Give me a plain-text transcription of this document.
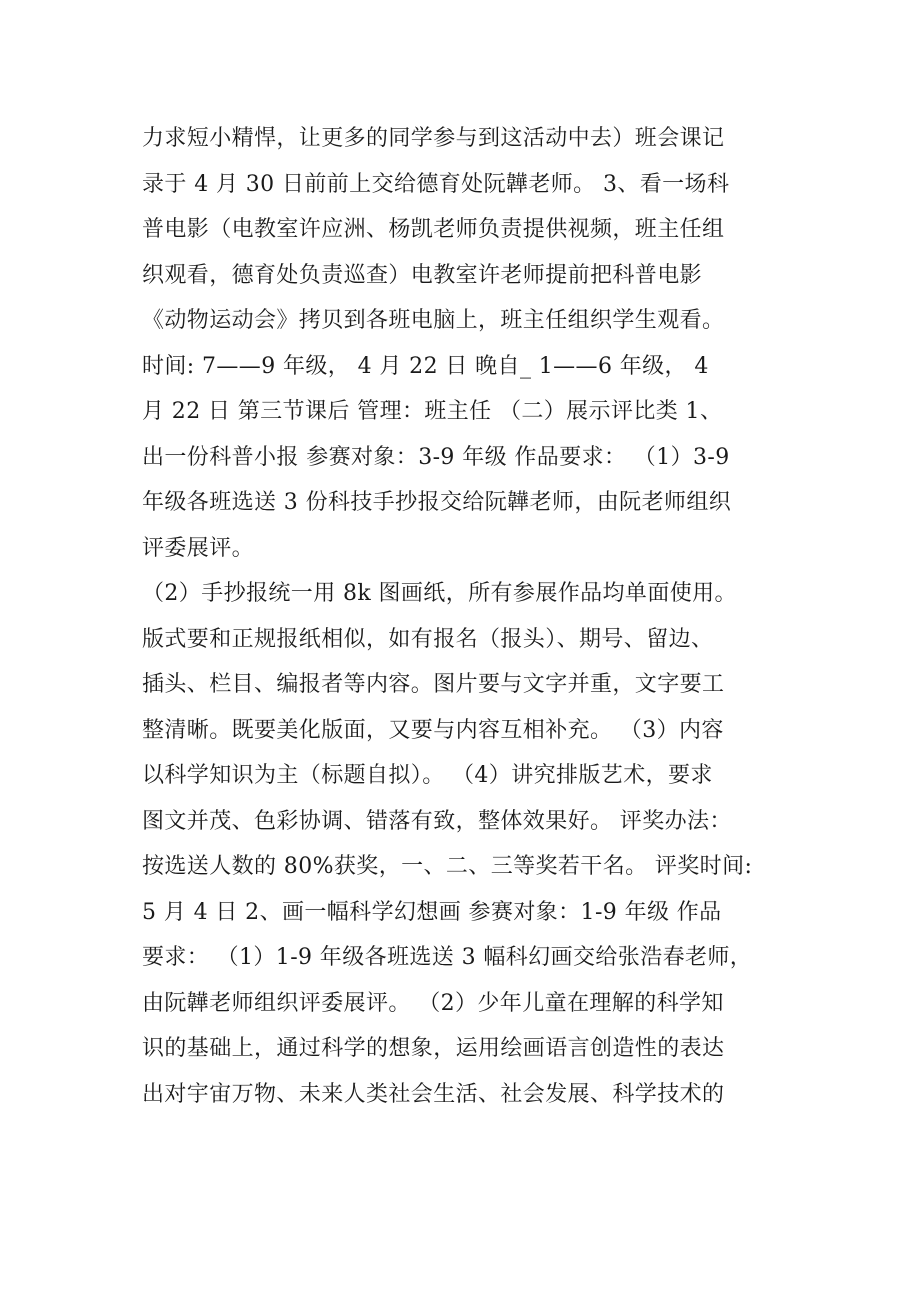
力求短小精悍，让更多的同学参与到这活动中去）班会课记
录于 4 月 30 日前前上交给德育处阮韡老师。 3、看一场科
普电影（电教室许应洲、杨凯老师负责提供视频，班主任组
织观看，德育处负责巡查）电教室许老师提前把科普电影
《动物运动会》拷贝到各班电脑上，班主任组织学生观看。
时间: 7——9 年级， 4 月 22 日 晚自_ 1——6 年级， 4
月 22 日 第三节课后 管理：班主任 （二）展示评比类 1、
出一份科普小报 参赛对象：3-9 年级 作品要求： （1）3-9
年级各班选送 3 份科技手抄报交给阮韡老师，由阮老师组织
评委展评。
（2）手抄报统一用 8k 图画纸，所有参展作品均单面使用。
版式要和正规报纸相似，如有报名（报头）、期号、留边、
插头、栏目、编报者等内容。图片要与文字并重，文字要工
整清晰。既要美化版面，又要与内容互相补充。 （3）内容
以科学知识为主（标题自拟）。 （4）讲究排版艺术，要求
图文并茂、色彩协调、错落有致，整体效果好。 评奖办法：
按选送人数的 80%获奖，一、二、三等奖若干名。 评奖时间:
5 月 4 日 2、画一幅科学幻想画 参赛对象：1-9 年级 作品
要求： （1）1-9 年级各班选送 3 幅科幻画交给张浩春老师，
由阮韡老师组织评委展评。 （2）少年儿童在理解的科学知
识的基础上，通过科学的想象，运用绘画语言创造性的表达
出对宇宙万物、未来人类社会生活、社会发展、科学技术的
